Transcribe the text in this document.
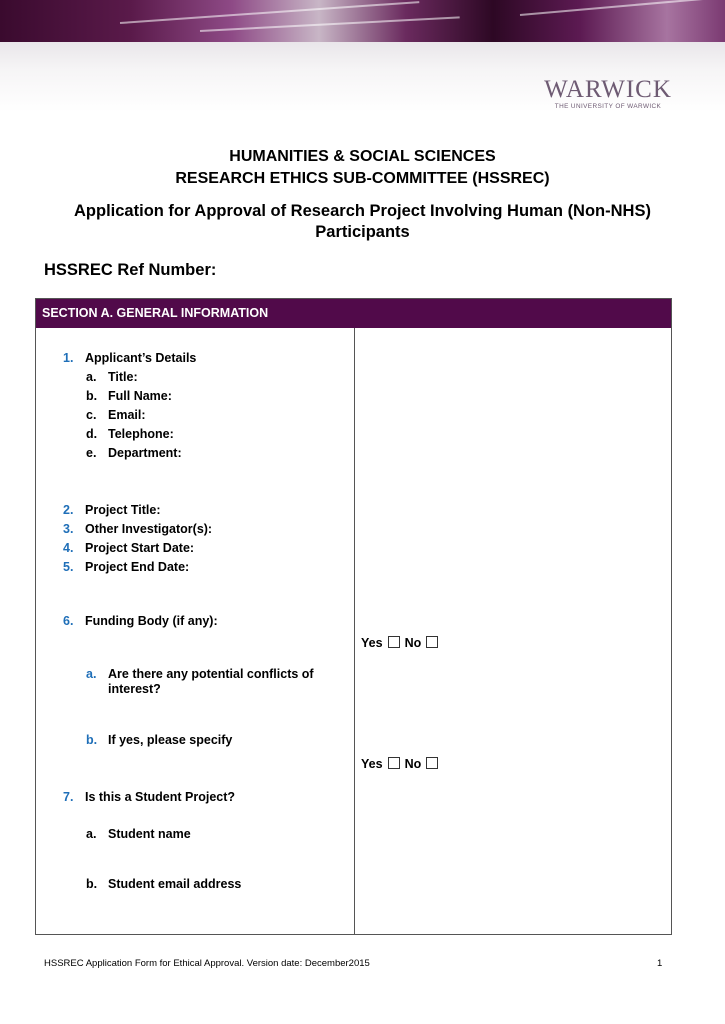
WARWICK
THE UNIVERSITY OF WARWICK
HUMANITIES & SOCIAL SCIENCES
RESEARCH ETHICS SUB-COMMITTEE (HSSREC)
Application for Approval of Research Project Involving Human (Non-NHS)
Participants
HSSREC Ref Number:
SECTION A. GENERAL INFORMATION
1. Applicant’s Details
a. Title:
b. Full Name:
c. Email:
d. Telephone:
e. Department:
2. Project Title:
3. Other Investigator(s):
4. Project Start Date:
5. Project End Date:
6. Funding Body (if any):
Yes No
a. Are there any potential conflicts of interest?
b. If yes, please specify
Yes No
7. Is this a Student Project?
a. Student name
b. Student email address
HSSREC Application Form for Ethical Approval. Version date: December2015	1
